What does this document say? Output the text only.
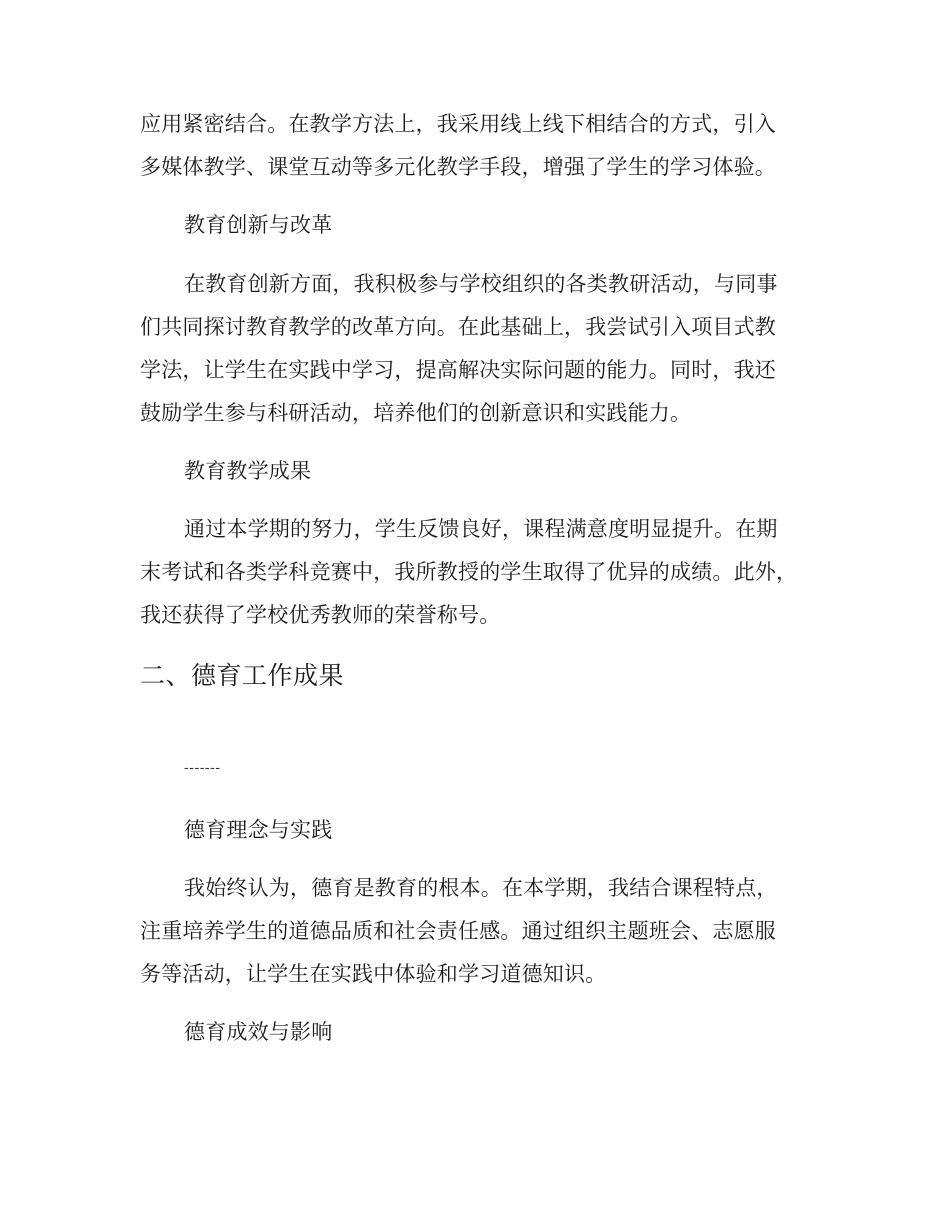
应用紧密结合。在教学方法上，我采用线上线下相结合的方式，引入
多媒体教学、课堂互动等多元化教学手段，增强了学生的学习体验。
教育创新与改革
在教育创新方面，我积极参与学校组织的各类教研活动，与同事
们共同探讨教育教学的改革方向。在此基础上，我尝试引入项目式教
学法，让学生在实践中学习，提高解决实际问题的能力。同时，我还
鼓励学生参与科研活动，培养他们的创新意识和实践能力。
教育教学成果
通过本学期的努力，学生反馈良好，课程满意度明显提升。在期
末考试和各类学科竞赛中，我所教授的学生取得了优异的成绩。此外，
我还获得了学校优秀教师的荣誉称号。
二、德育工作成果
-------
德育理念与实践
我始终认为，德育是教育的根本。在本学期，我结合课程特点，
注重培养学生的道德品质和社会责任感。通过组织主题班会、志愿服
务等活动，让学生在实践中体验和学习道德知识。
德育成效与影响
